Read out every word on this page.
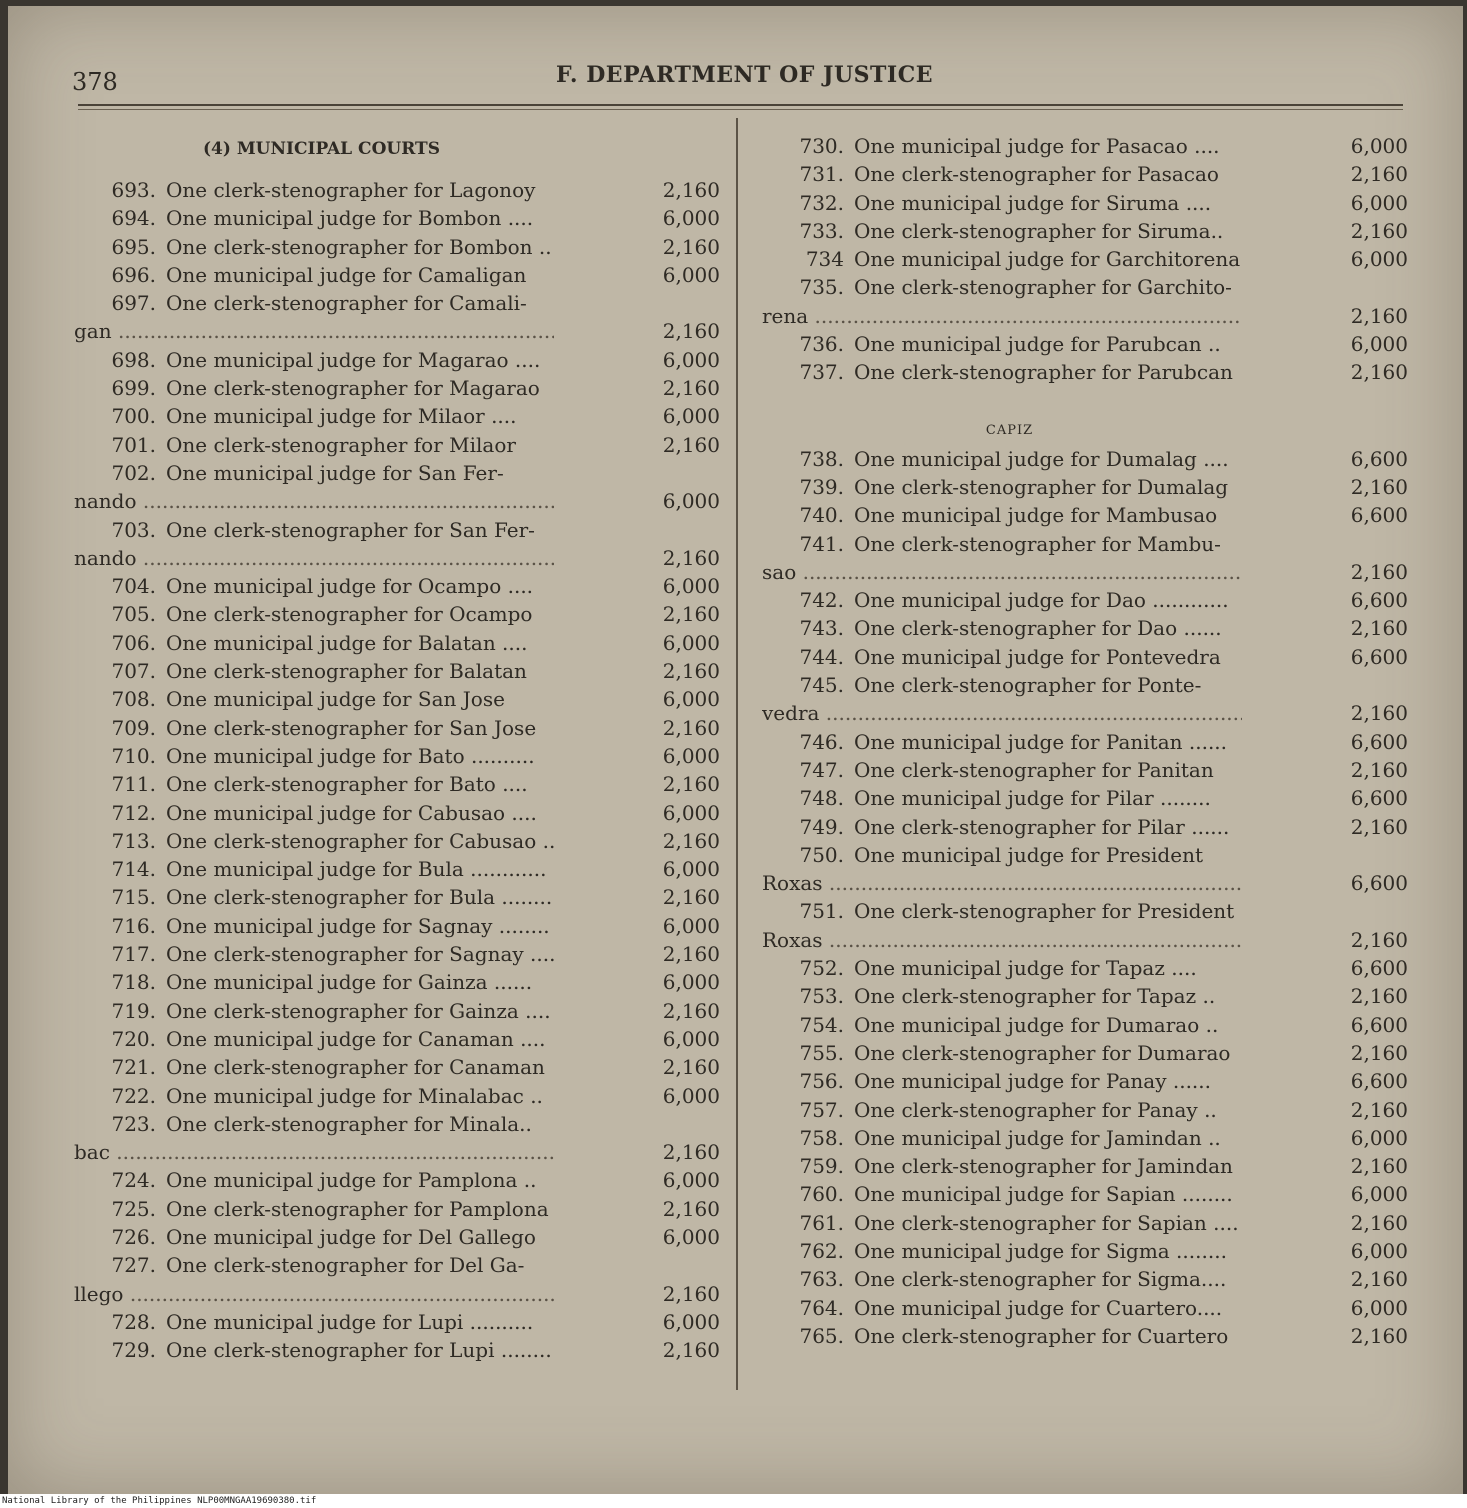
378	F. DEPARTMENT OF JUSTICE
(4) MUNICIPAL COURTS
693. One clerk-stenographer for Lagonoy	2,160
694. One municipal judge for Bombon ....	6,000
695. One clerk-stenographer for Bombon ..	2,160
696. One municipal judge for Camaligan	6,000
697. One clerk-stenographer for Camali-
gan .....	2,160
698. One municipal judge for Magarao ....	6,000
699. One clerk-stenographer for Magarao	2,160
700. One municipal judge for Milaor ....	6,000
701. One clerk-stenographer for Milaor	2,160
702. One municipal judge for San Fer-
nando .....	6,000
703. One clerk-stenographer for San Fer-
nando .....	2,160
704. One municipal judge for Ocampo ....	6,000
705. One clerk-stenographer for Ocampo	2,160
706. One municipal judge for Balatan ....	6,000
707. One clerk-stenographer for Balatan	2,160
708. One municipal judge for San Jose	6,000
709. One clerk-stenographer for San Jose	2,160
710. One municipal judge for Bato ..........	6,000
711. One clerk-stenographer for Bato ....	2,160
712. One municipal judge for Cabusao ....	6,000
713. One clerk-stenographer for Cabusao ..	2,160
714. One municipal judge for Bula ............	6,000
715. One clerk-stenographer for Bula ........	2,160
716. One municipal judge for Sagnay ........	6,000
717. One clerk-stenographer for Sagnay ....	2,160
718. One municipal judge for Gainza ......	6,000
719. One clerk-stenographer for Gainza ....	2,160
720. One municipal judge for Canaman ....	6,000
721. One clerk-stenographer for Canaman	2,160
722. One municipal judge for Minalabac ..	6,000
723. One clerk-stenographer for Minala..
bac .....	2,160
724. One municipal judge for Pamplona ..	6,000
725. One clerk-stenographer for Pamplona	2,160
726. One municipal judge for Del Gallego	6,000
727. One clerk-stenographer for Del Ga-
llego .....	2,160
728. One municipal judge for Lupi ..........	6,000
729. One clerk-stenographer for Lupi ........	2,160
730. One municipal judge for Pasacao ....	6,000
731. One clerk-stenographer for Pasacao	2,160
732. One municipal judge for Siruma ....	6,000
733. One clerk-stenographer for Siruma..	2,160
734 One municipal judge for Garchitorena	6,000
735. One clerk-stenographer for Garchito-
rena .....	2,160
736. One municipal judge for Parubcan ..	6,000
737. One clerk-stenographer for Parubcan	2,160
CAPIZ
738. One municipal judge for Dumalag ....	6,600
739. One clerk-stenographer for Dumalag	2,160
740. One municipal judge for Mambusao	6,600
741. One clerk-stenographer for Mambu-
sao .....	2,160
742. One municipal judge for Dao ............	6,600
743. One clerk-stenographer for Dao ......	2,160
744. One municipal judge for Pontevedra	6,600
745. One clerk-stenographer for Ponte-
vedra .....	2,160
746. One municipal judge for Panitan ......	6,600
747. One clerk-stenographer for Panitan	2,160
748. One municipal judge for Pilar ........	6,600
749. One clerk-stenographer for Pilar ......	2,160
750. One municipal judge for President
Roxas .....	6,600
751. One clerk-stenographer for President
Roxas .....	2,160
752. One municipal judge for Tapaz ....	6,600
753. One clerk-stenographer for Tapaz ..	2,160
754. One municipal judge for Dumarao ..	6,600
755. One clerk-stenographer for Dumarao	2,160
756. One municipal judge for Panay ......	6,600
757. One clerk-stenographer for Panay ..	2,160
758. One municipal judge for Jamindan ..	6,000
759. One clerk-stenographer for Jamindan	2,160
760. One municipal judge for Sapian ........	6,000
761. One clerk-stenographer for Sapian ....	2,160
762. One municipal judge for Sigma ........	6,000
763. One clerk-stenographer for Sigma....	2,160
764. One municipal judge for Cuartero....	6,000
765. One clerk-stenographer for Cuartero	2,160
National Library of the Philippines NLP00MNGAA19690380.tif
